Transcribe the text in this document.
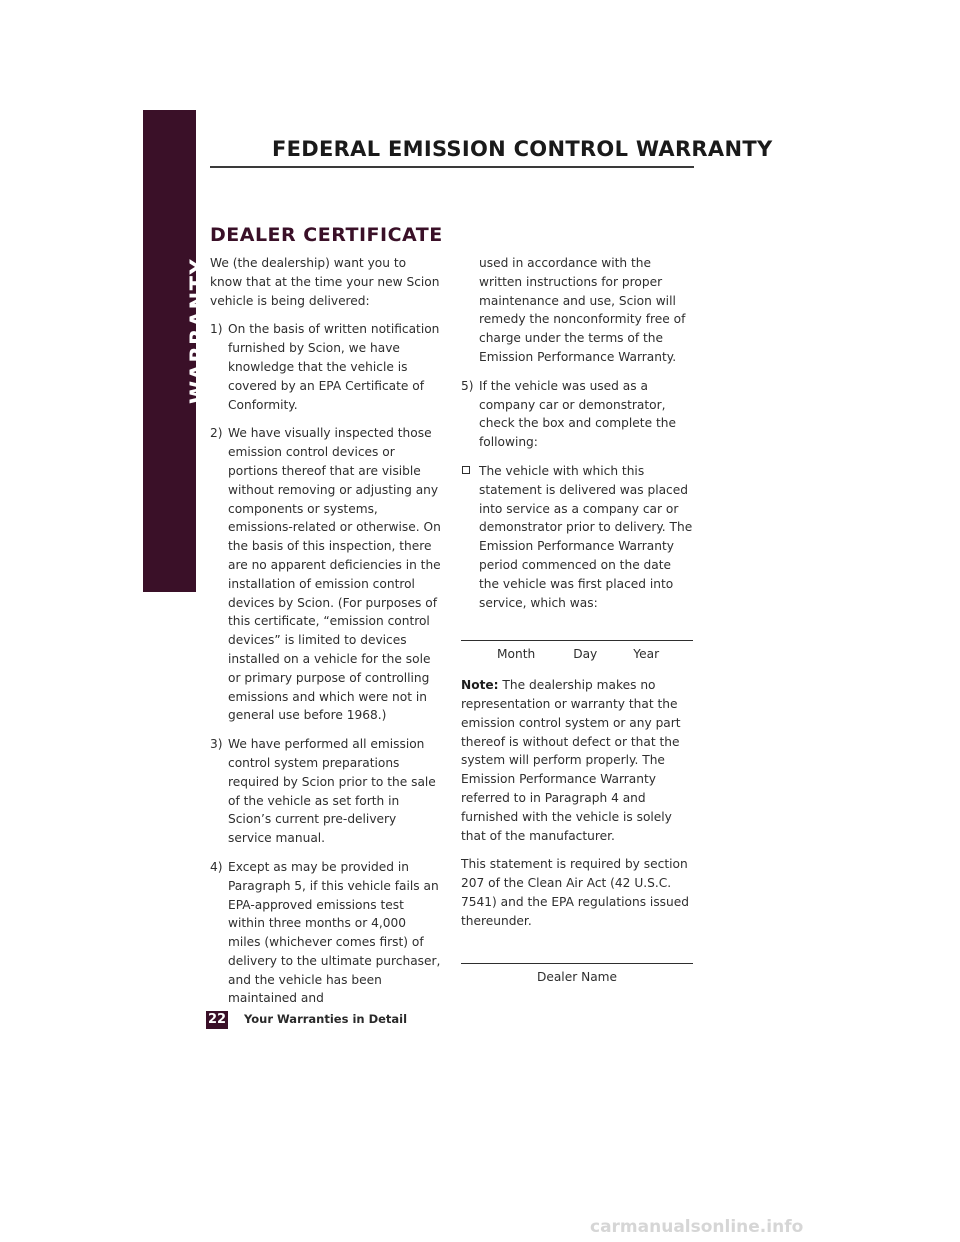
WARRANTY
FEDERAL EMISSION CONTROL WARRANTY
DEALER CERTIFICATE

We (the dealership) want you to know that at the time your new Scion vehicle is being delivered:

1) On the basis of written notification furnished by Scion, we have knowledge that the vehicle is covered by an EPA Certificate of Conformity.

2) We have visually inspected those emission control devices or portions thereof that are visible without removing or adjusting any components or systems, emissions-related or otherwise. On the basis of this inspection, there are no apparent deficiencies in the installation of emission control devices by Scion. (For purposes of this certificate, “emission control devices” is limited to devices installed on a vehicle for the sole or primary purpose of controlling emissions and which were not in general use before 1968.)

3) We have performed all emission control system preparations required by Scion prior to the sale of the vehicle as set forth in Scion’s current pre-delivery service manual.

4) Except as may be provided in Paragraph 5, if this vehicle fails an EPA-approved emissions test within three months or 4,000 miles (whichever comes first) of delivery to the ultimate purchaser, and the vehicle has been maintained and

used in accordance with the written instructions for proper maintenance and use, Scion will remedy the nonconformity free of charge under the terms of the Emission Performance Warranty.

5) If the vehicle was used as a company car or demonstrator, check the box and complete the following:

The vehicle with which this statement is delivered was placed into service as a company car or demonstrator prior to delivery. The Emission Performance Warranty period commenced on the date the vehicle was first placed into service, which was:

Month	Day	Year

Note: The dealership makes no representation or warranty that the emission control system or any part thereof is without defect or that the system will perform properly. The Emission Performance Warranty referred to in Paragraph 4 and furnished with the vehicle is solely that of the manufacturer.

This statement is required by section 207 of the Clean Air Act (42 U.S.C. 7541) and the EPA regulations issued thereunder.

Dealer Name
22 Your Warranties in Detail
carmanualsonline.info
